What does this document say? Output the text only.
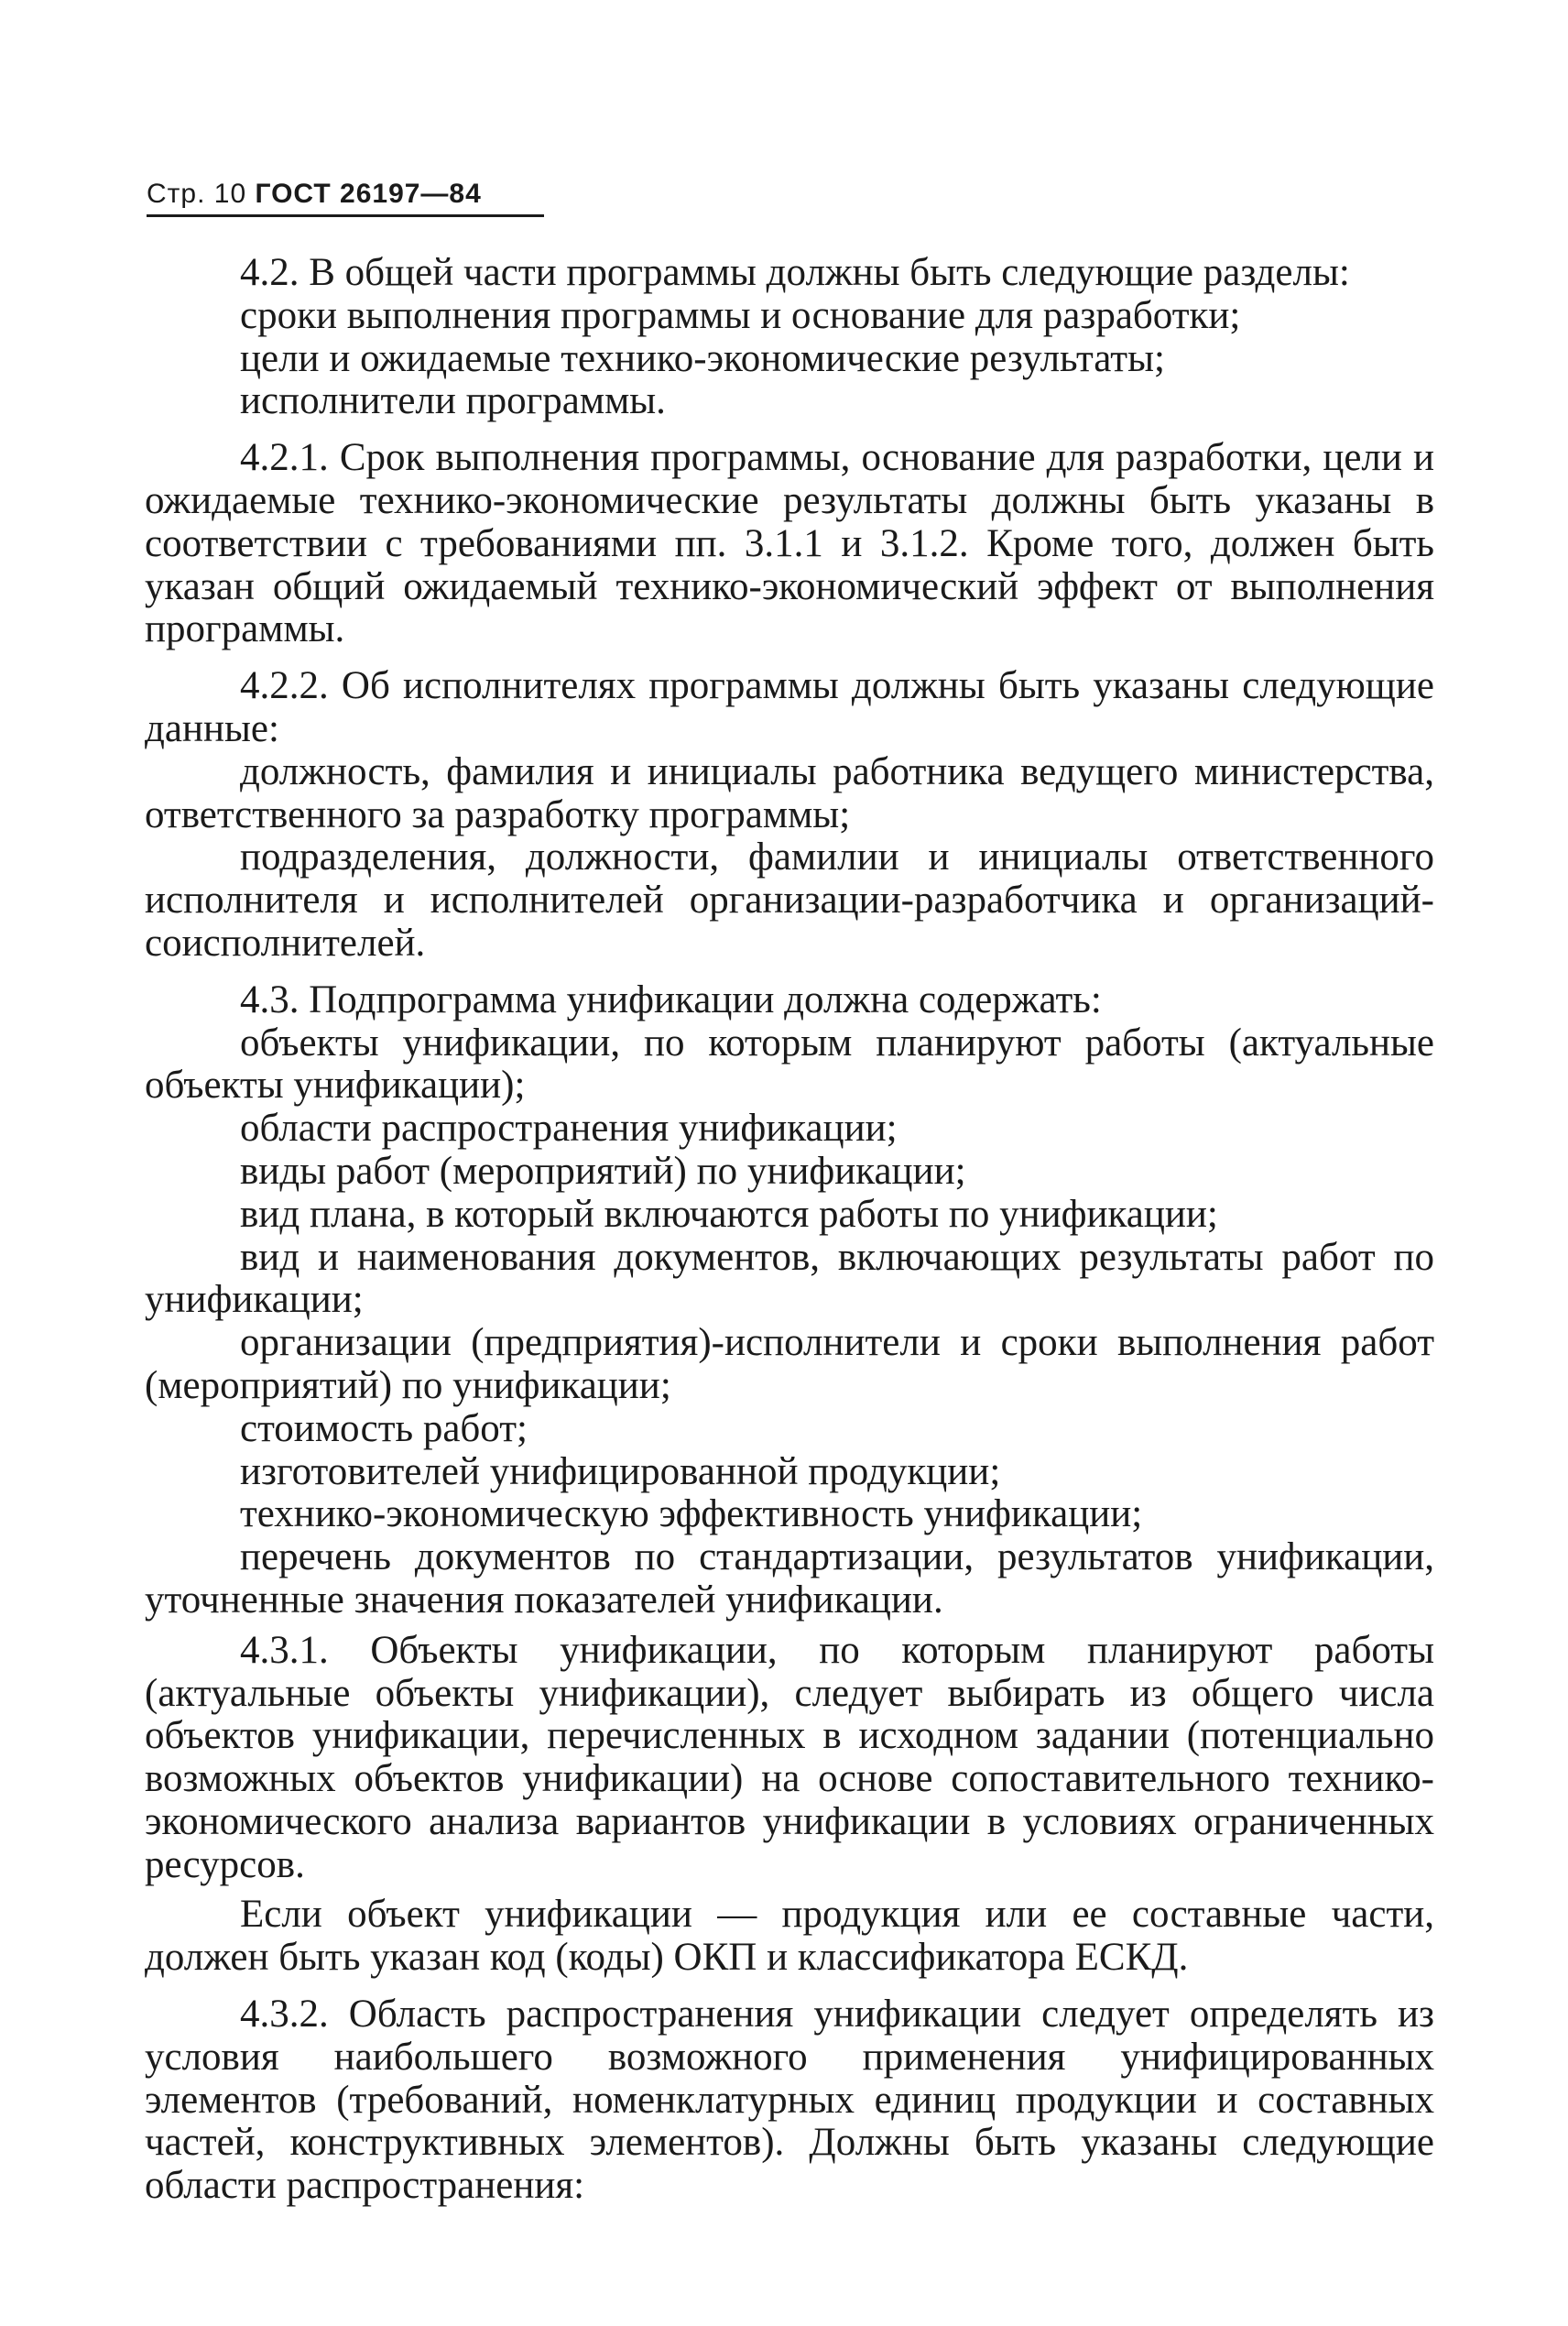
Стр. 10 ГОСТ 26197—84

4.2. В общей части программы должны быть следующие разделы:

сроки выполнения программы и основание для разработки;

цели и ожидаемые технико-экономические результаты;

исполнители программы.

4.2.1. Срок выполнения программы, основание для разработки, цели и ожидаемые технико-экономические результаты должны быть указаны в соответствии с требованиями пп. 3.1.1 и 3.1.2. Кроме того, должен быть указан общий ожидаемый технико-экономический эффект от выполнения программы.

4.2.2. Об исполнителях программы должны быть указаны следующие данные:

должность, фамилия и инициалы работника ведущего министерства, ответственного за разработку программы;

подразделения, должности, фамилии и инициалы ответственного исполнителя и исполнителей организации-разработчика и организаций-соисполнителей.

4.3. Подпрограмма унификации должна содержать:

объекты унификации, по которым планируют работы (актуальные объекты унификации);

области распространения унификации;

виды работ (мероприятий) по унификации;

вид плана, в который включаются работы по унификации;

вид и наименования документов, включающих результаты работ по унификации;

организации (предприятия)-исполнители и сроки выполнения работ (мероприятий) по унификации;

стоимость работ;

изготовителей унифицированной продукции;

технико-экономическую эффективность унификации;

перечень документов по стандартизации, результатов унификации, уточненные значения показателей унификации.

4.3.1. Объекты унификации, по которым планируют работы (актуальные объекты унификации), следует выбирать из общего числа объектов унификации, перечисленных в исходном задании (потенциально возможных объектов унификации) на основе сопоставительного технико-экономического анализа вариантов унификации в условиях ограниченных ресурсов.

Если объект унификации — продукция или ее составные части, должен быть указан код (коды) ОКП и классификатора ЕСКД.

4.3.2. Область распространения унификации следует определять из условия наибольшего возможного применения унифицированных элементов (требований, номенклатурных единиц продукции и составных частей, конструктивных элементов). Должны быть указаны следующие области распространения:
